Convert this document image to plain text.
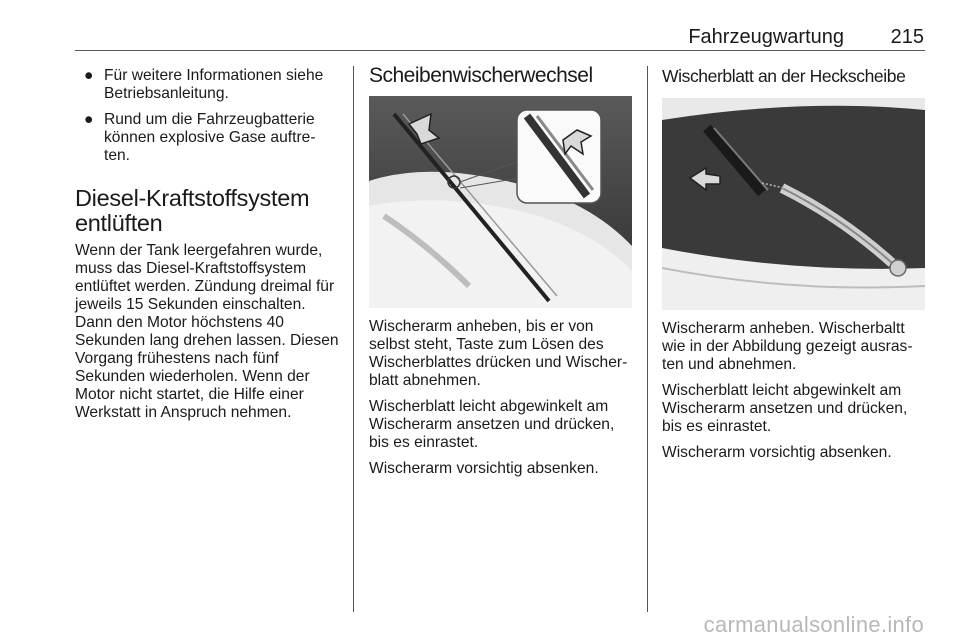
Fahrzeugwartung 215
● Für weitere Informationen siehe Betriebsanleitung.
● Rund um die Fahrzeugbatterie können explosive Gase auftre‑ ten.
Diesel-Kraftstoffsystem entlüften

Wenn der Tank leergefahren wurde, muss das Diesel-Kraftstoffsystem entlüftet werden. Zündung dreimal für jeweils 15 Sekunden einschalten. Dann den Motor höchstens 40 Sekunden lang drehen lassen. Diesen Vorgang frühestens nach fünf Sekunden wiederholen. Wenn der Motor nicht startet, die Hilfe einer Werkstatt in Anspruch nehmen.

Scheibenwischerwechsel

Wischerarm anheben, bis er von selbst steht, Taste zum Lösen des Wischerblattes drücken und Wischer‑ blatt abnehmen.

Wischerblatt leicht abgewinkelt am Wischerarm ansetzen und drücken, bis es einrastet.

Wischerarm vorsichtig absenken.

Wischerblatt an der Heckscheibe

Wischerarm anheben. Wischerbaltt wie in der Abbildung gezeigt ausras‑ ten und abnehmen.

Wischerblatt leicht abgewinkelt am Wischerarm ansetzen und drücken, bis es einrastet.

Wischerarm vorsichtig absenken.

carmanualsonline.info
